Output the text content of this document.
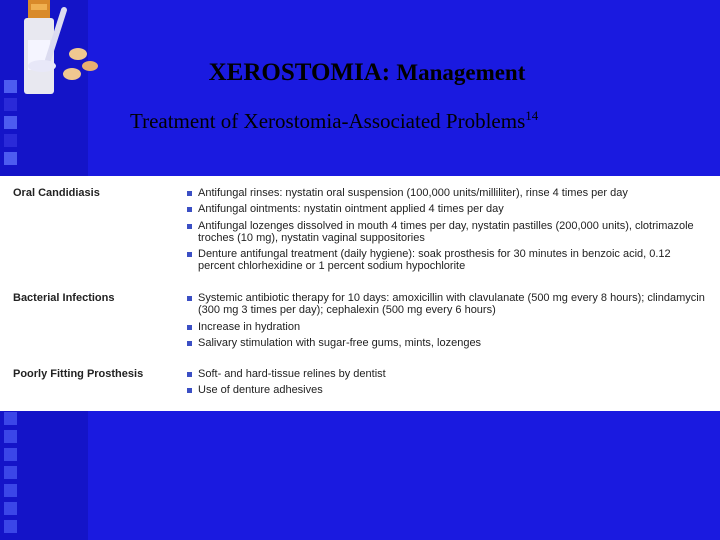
XEROSTOMIA: Management
Treatment of Xerostomia-Associated Problems$^{14}$
Oral Candidiasis	Antifungal rinses: nystatin oral suspension (100,000 units/milliliter), rinse 4 times per day
Antifungal ointments: nystatin ointment applied 4 times per day
Antifungal lozenges dissolved in mouth 4 times per day, nystatin pastilles (200,000 units), clotrimazole troches (10 mg), nystatin vaginal suppositories
Denture antifungal treatment (daily hygiene): soak prosthesis for 30 minutes in benzoic acid, 0.12 percent chlorhexidine or 1 percent sodium hypochlorite
Bacterial Infections	Systemic antibiotic therapy for 10 days: amoxicillin with clavulanate (500 mg every 8 hours); clindamycin (300 mg 3 times per day); cephalexin (500 mg every 6 hours)
Increase in hydration
Salivary stimulation with sugar-free gums, mints, lozenges
Poorly Fitting Prosthesis	Soft- and hard-tissue relines by dentist
Use of denture adhesives
